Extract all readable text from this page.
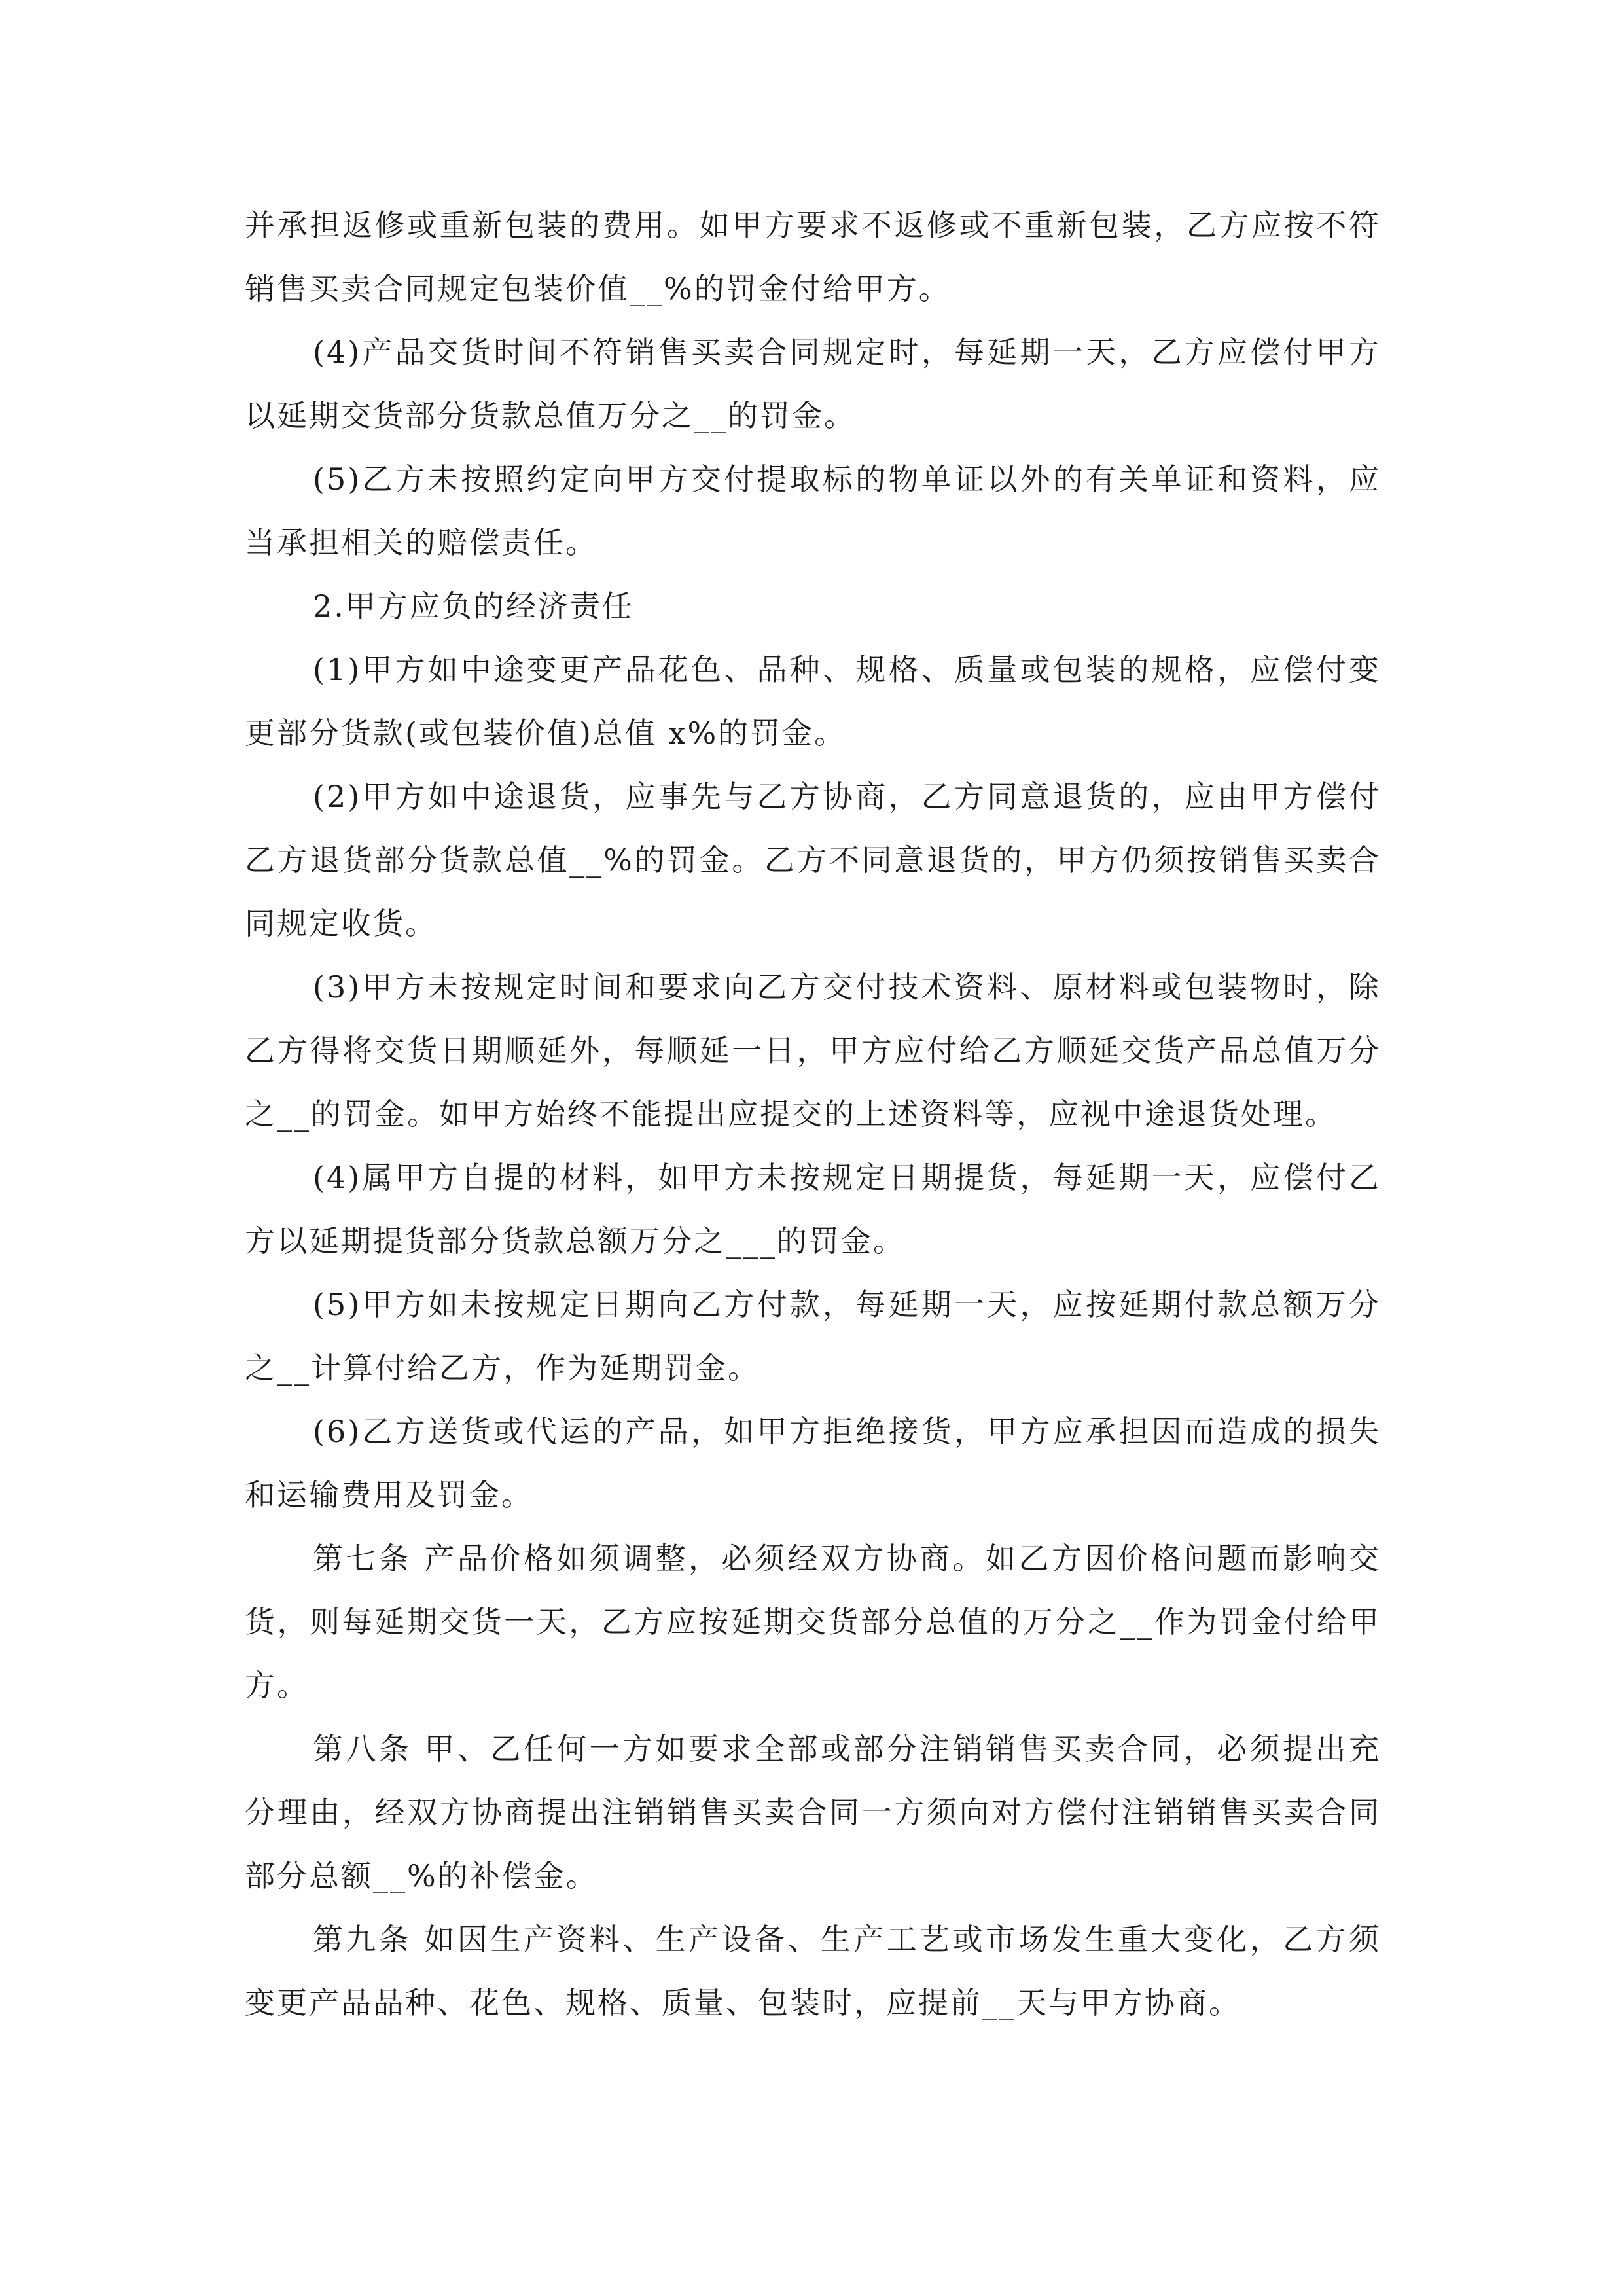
并承担返修或重新包装的费用。如甲方要求不返修或不重新包装，乙方应按不符销售买卖合同规定包装价值__%的罚金付给甲方。

(4)产品交货时间不符销售买卖合同规定时，每延期一天，乙方应偿付甲方以延期交货部分货款总值万分之__的罚金。

(5)乙方未按照约定向甲方交付提取标的物单证以外的有关单证和资料，应当承担相关的赔偿责任。

2.甲方应负的经济责任

(1)甲方如中途变更产品花色、品种、规格、质量或包装的规格，应偿付变更部分货款(或包装价值)总值 x%的罚金。

(2)甲方如中途退货，应事先与乙方协商，乙方同意退货的，应由甲方偿付乙方退货部分货款总值__%的罚金。乙方不同意退货的，甲方仍须按销售买卖合同规定收货。

(3)甲方未按规定时间和要求向乙方交付技术资料、原材料或包装物时，除乙方得将交货日期顺延外，每顺延一日，甲方应付给乙方顺延交货产品总值万分之__的罚金。如甲方始终不能提出应提交的上述资料等，应视中途退货处理。

(4)属甲方自提的材料，如甲方未按规定日期提货，每延期一天，应偿付乙方以延期提货部分货款总额万分之___的罚金。

(5)甲方如未按规定日期向乙方付款，每延期一天，应按延期付款总额万分之__计算付给乙方，作为延期罚金。

(6)乙方送货或代运的产品，如甲方拒绝接货，甲方应承担因而造成的损失和运输费用及罚金。

第七条 产品价格如须调整，必须经双方协商。如乙方因价格问题而影响交货，则每延期交货一天，乙方应按延期交货部分总值的万分之__作为罚金付给甲方。

第八条 甲、乙任何一方如要求全部或部分注销销售买卖合同，必须提出充分理由，经双方协商提出注销销售买卖合同一方须向对方偿付注销销售买卖合同部分总额__%的补偿金。

第九条 如因生产资料、生产设备、生产工艺或市场发生重大变化，乙方须变更产品品种、花色、规格、质量、包装时，应提前__天与甲方协商。
